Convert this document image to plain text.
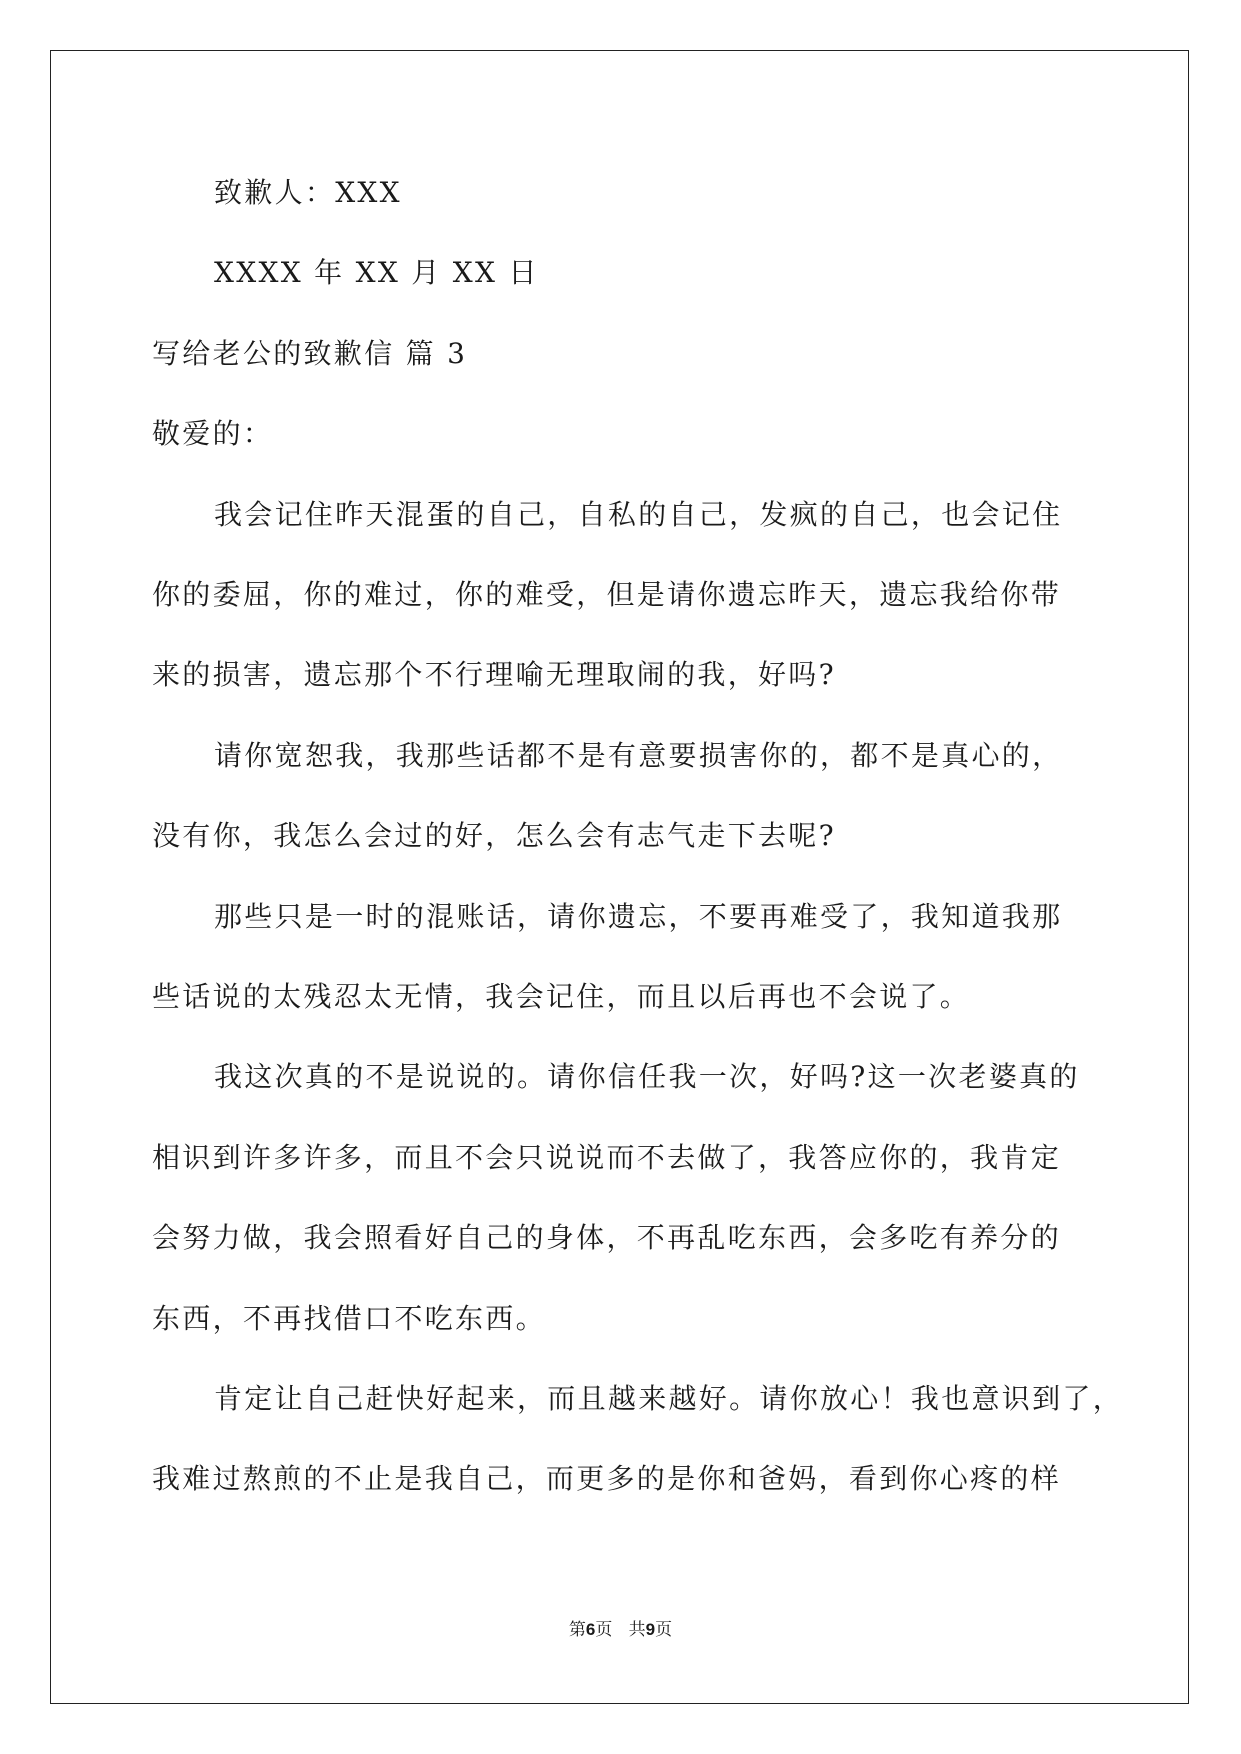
致歉人：XXX
XXXX 年 XX 月 XX 日
写给老公的致歉信 篇 3
敬爱的：
我会记住昨天混蛋的自己，自私的自己，发疯的自己，也会记住
你的委屈，你的难过，你的难受，但是请你遗忘昨天，遗忘我给你带
来的损害，遗忘那个不行理喻无理取闹的我，好吗?
请你宽恕我，我那些话都不是有意要损害你的，都不是真心的，
没有你，我怎么会过的好，怎么会有志气走下去呢?
那些只是一时的混账话，请你遗忘，不要再难受了，我知道我那
些话说的太残忍太无情，我会记住，而且以后再也不会说了。
我这次真的不是说说的。请你信任我一次，好吗?这一次老婆真的
相识到许多许多，而且不会只说说而不去做了，我答应你的，我肯定
会努力做，我会照看好自己的身体，不再乱吃东西，会多吃有养分的
东西，不再找借口不吃东西。
肯定让自己赶快好起来，而且越来越好。请你放心！我也意识到了，
我难过熬煎的不止是我自己，而更多的是你和爸妈，看到你心疼的样
第6页   共9页
